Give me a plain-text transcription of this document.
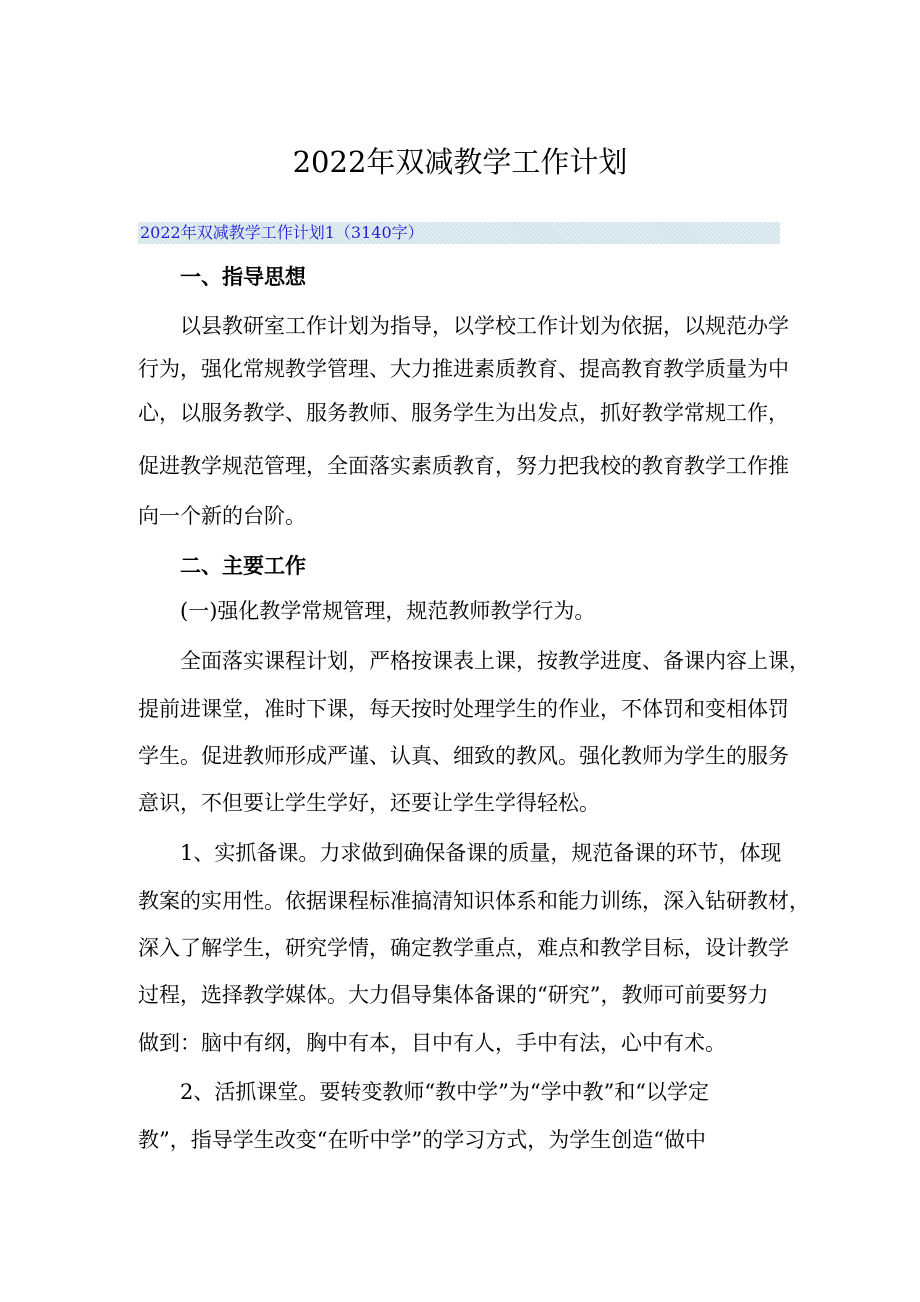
2022年双减教学工作计划
2022年双减教学工作计划1（3140字）
一、指导思想

以县教研室工作计划为指导，以学校工作计划为依据，以规范办学

行为，强化常规教学管理、大力推进素质教育、提高教育教学质量为中

心，以服务教学、服务教师、服务学生为出发点，抓好教学常规工作，

促进教学规范管理，全面落实素质教育，努力把我校的教育教学工作推

向一个新的台阶。

二、主要工作

(一)强化教学常规管理，规范教师教学行为。

全面落实课程计划，严格按课表上课，按教学进度、备课内容上课，

提前进课堂，准时下课，每天按时处理学生的作业，不体罚和变相体罚

学生。促进教师形成严谨、认真、细致的教风。强化教师为学生的服务

意识，不但要让学生学好，还要让学生学得轻松。

1、实抓备课。力求做到确保备课的质量，规范备课的环节，体现

教案的实用性。依据课程标准搞清知识体系和能力训练，深入钻研教材，

深入了解学生，研究学情，确定教学重点，难点和教学目标，设计教学

过程，选择教学媒体。大力倡导集体备课的“研究”，教师可前要努力

做到：脑中有纲，胸中有本，目中有人，手中有法，心中有术。

2、活抓课堂。要转变教师“教中学”为“学中教”和“以学定

教”，指导学生改变“在听中学”的学习方式，为学生创造“做中
